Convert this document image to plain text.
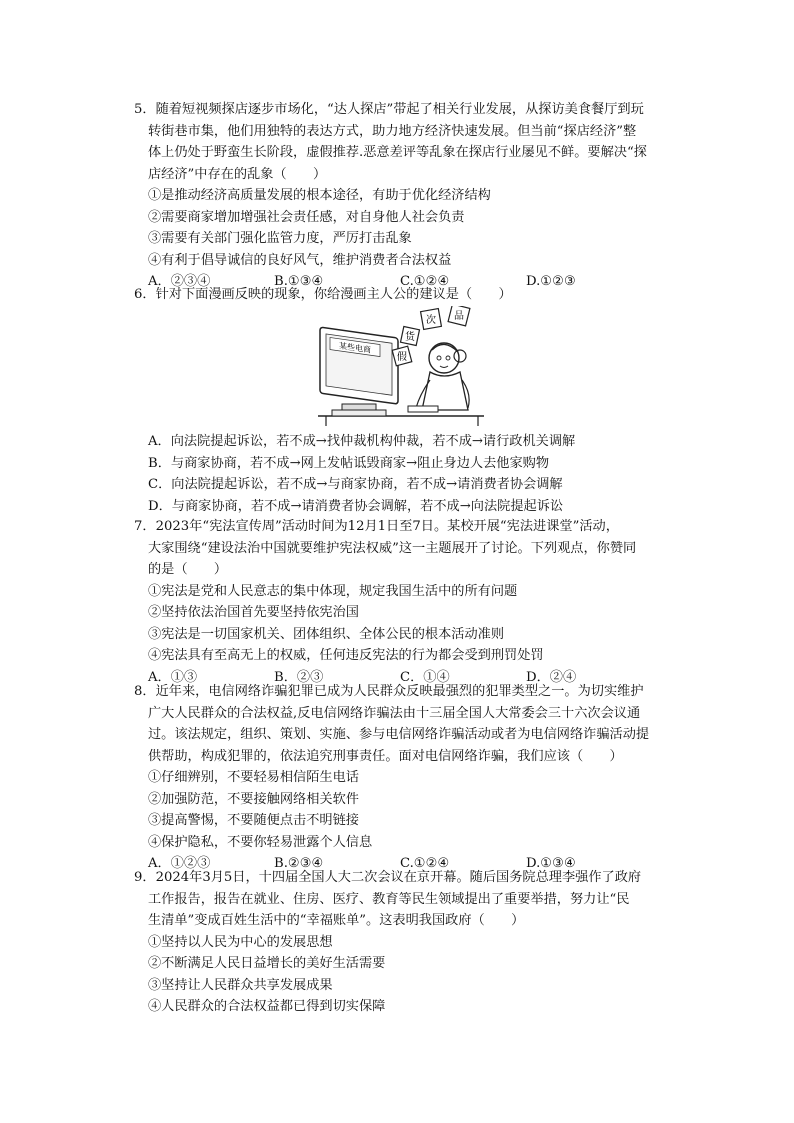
5．随着短视频探店逐步市场化，“达人探店”带起了相关行业发展，从探访美食餐厅到玩
转街巷市集，他们用独特的表达方式，助力地方经济快速发展。但当前“探店经济”整
体上仍处于野蛮生长阶段，虚假推荐.恶意差评等乱象在探店行业屡见不鲜。要解决“探
店经济”中存在的乱象（　　）
①是推动经济高质量发展的根本途径，有助于优化经济结构
②需要商家增加增强社会责任感，对自身他人社会负责
③需要有关部门强化监管力度，严厉打击乱象
④有利于倡导诚信的良好风气，维护消费者合法权益
A．②③④	B.①③④	C.①②④	D.①②③
6．针对下面漫画反映的现象，你给漫画主人公的建议是（　　）
某些电商
假
货
次 品
A．向法院提起诉讼，若不成→找仲裁机构仲裁，若不成→请行政机关调解
B．与商家协商，若不成→网上发帖诋毁商家→阻止身边人去他家购物
C．向法院提起诉讼，若不成→与商家协商，若不成→请消费者协会调解
D．与商家协商，若不成→请消费者协会调解，若不成→向法院提起诉讼
7．2023年“宪法宣传周”活动时间为12月1日至7日。某校开展“宪法进课堂”活动，
大家围绕“建设法治中国就要维护宪法权威”这一主题展开了讨论。下列观点，你赞同
的是（　　）
①宪法是党和人民意志的集中体现，规定我国生活中的所有问题
②坚持依法治国首先要坚持依宪治国
③宪法是一切国家机关、团体组织、全体公民的根本活动准则
④宪法具有至高无上的权威，任何违反宪法的行为都会受到刑罚处罚
A．①③	B．②③	C．①④	D．②④
8．近年来，电信网络诈骗犯罪已成为人民群众反映最强烈的犯罪类型之一。为切实维护
广大人民群众的合法权益,反电信网络诈骗法由十三届全国人大常委会三十六次会议通
过。该法规定，组织、策划、实施、参与电信网络诈骗活动或者为电信网络诈骗活动提
供帮助，构成犯罪的，依法追究刑事责任。面对电信网络诈骗，我们应该（　　）
①仔细辨别，不要轻易相信陌生电话
②加强防范，不要接触网络相关软件
③提高警惕，不要随便点击不明链接
④保护隐私，不要你轻易泄露个人信息
A．①②③	B.②③④	C.①②④	D.①③④
9．2024年3月5日，十四届全国人大二次会议在京开幕。随后国务院总理李强作了政府
工作报告，报告在就业、住房、医疗、教育等民生领域提出了重要举措，努力让“民
生清单”变成百姓生活中的“幸福账单”。这表明我国政府（　　）
①坚持以人民为中心的发展思想
②不断满足人民日益增长的美好生活需要
③坚持让人民群众共享发展成果
④人民群众的合法权益都已得到切实保障
